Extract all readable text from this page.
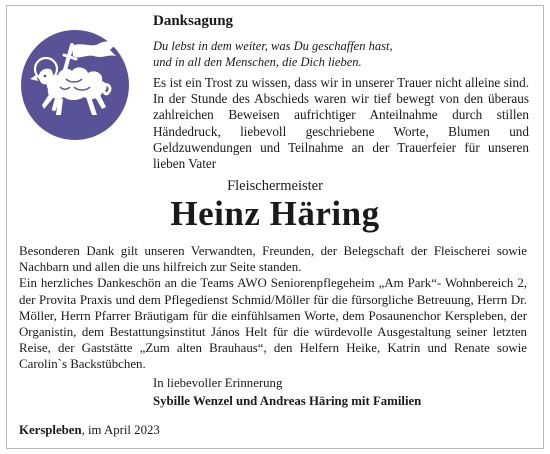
Danksagung
Du lebst in dem weiter, was Du geschaffen hast,
und in all den Menschen, die Dich lieben.
Es ist ein Trost zu wissen, dass wir in unserer Trauer nicht alleine sind. In der Stunde des Abschieds waren wir tief bewegt von den überaus zahlreichen Beweisen aufrichtiger Anteilnahme durch stillen Händedruck, liebevoll geschriebene Worte, Blumen und Geldzuwendungen und Teilnahme an der Trauerfeier für unseren lieben Vater
Fleischermeister
Heinz Häring

Besonderen Dank gilt unseren Verwandten, Freunden, der Belegschaft der Fleischerei sowie Nachbarn und allen die uns hilfreich zur Seite standen.

Ein herzliches Dankeschön an die Teams AWO Seniorenpflegeheim „Am Park“- Wohnbereich 2, der Provita Praxis und dem Pflegedienst Schmid/Möller für die fürsorgliche Betreuung, Herrn Dr. Möller, Herrn Pfarrer Bräutigam für die einfühlsamen Worte, dem Posaunenchor Kerspleben, der Organistin, dem Bestattungsinstitut János Helt für die würdevolle Ausgestaltung seiner letzten Reise, der Gaststätte „Zum alten Brauhaus“, den Helfern Heike, Katrin und Renate sowie Carolin`s Backstübchen.

In liebevoller Erinnerung
Sybille Wenzel und Andreas Häring mit Familien
Kerspleben, im April 2023
